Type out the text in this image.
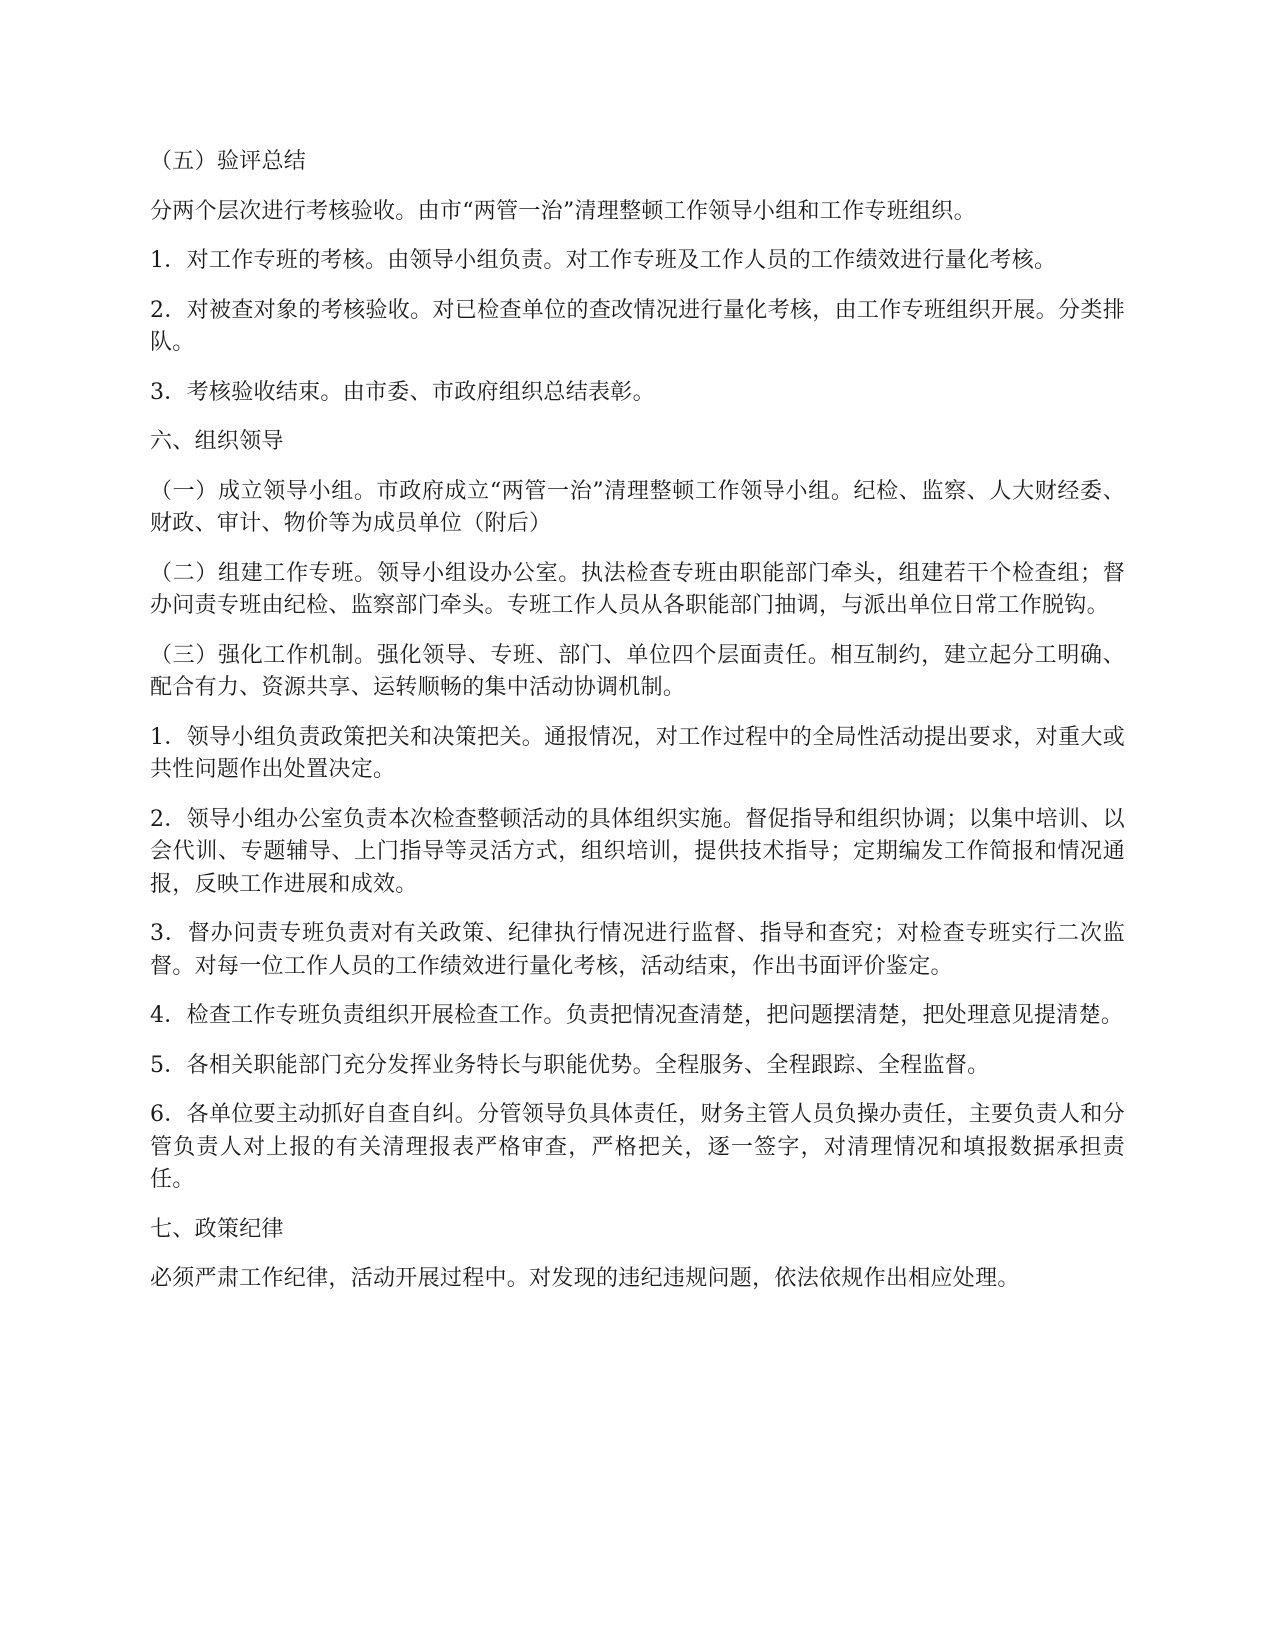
（五）验评总结

分两个层次进行考核验收。由市“两管一治”清理整顿工作领导小组和工作专班组织。

1．对工作专班的考核。由领导小组负责。对工作专班及工作人员的工作绩效进行量化考核。

2．对被查对象的考核验收。对已检查单位的查改情况进行量化考核，由工作专班组织开展。分类排队。

3．考核验收结束。由市委、市政府组织总结表彰。

六、组织领导

（一）成立领导小组。市政府成立“两管一治”清理整顿工作领导小组。纪检、监察、人大财经委、财政、审计、物价等为成员单位（附后）

（二）组建工作专班。领导小组设办公室。执法检查专班由职能部门牵头，组建若干个检查组；督办问责专班由纪检、监察部门牵头。专班工作人员从各职能部门抽调，与派出单位日常工作脱钩。

（三）强化工作机制。强化领导、专班、部门、单位四个层面责任。相互制约，建立起分工明确、配合有力、资源共享、运转顺畅的集中活动协调机制。

1．领导小组负责政策把关和决策把关。通报情况，对工作过程中的全局性活动提出要求，对重大或共性问题作出处置决定。

2．领导小组办公室负责本次检查整顿活动的具体组织实施。督促指导和组织协调；以集中培训、以会代训、专题辅导、上门指导等灵活方式，组织培训，提供技术指导；定期编发工作简报和情况通报，反映工作进展和成效。

3．督办问责专班负责对有关政策、纪律执行情况进行监督、指导和查究；对检查专班实行二次监督。对每一位工作人员的工作绩效进行量化考核，活动结束，作出书面评价鉴定。

4．检查工作专班负责组织开展检查工作。负责把情况查清楚，把问题摆清楚，把处理意见提清楚。

5．各相关职能部门充分发挥业务特长与职能优势。全程服务、全程跟踪、全程监督。

6．各单位要主动抓好自查自纠。分管领导负具体责任，财务主管人员负操办责任，主要负责人和分管负责人对上报的有关清理报表严格审查，严格把关，逐一签字，对清理情况和填报数据承担责任。

七、政策纪律

必须严肃工作纪律，活动开展过程中。对发现的违纪违规问题，依法依规作出相应处理。
